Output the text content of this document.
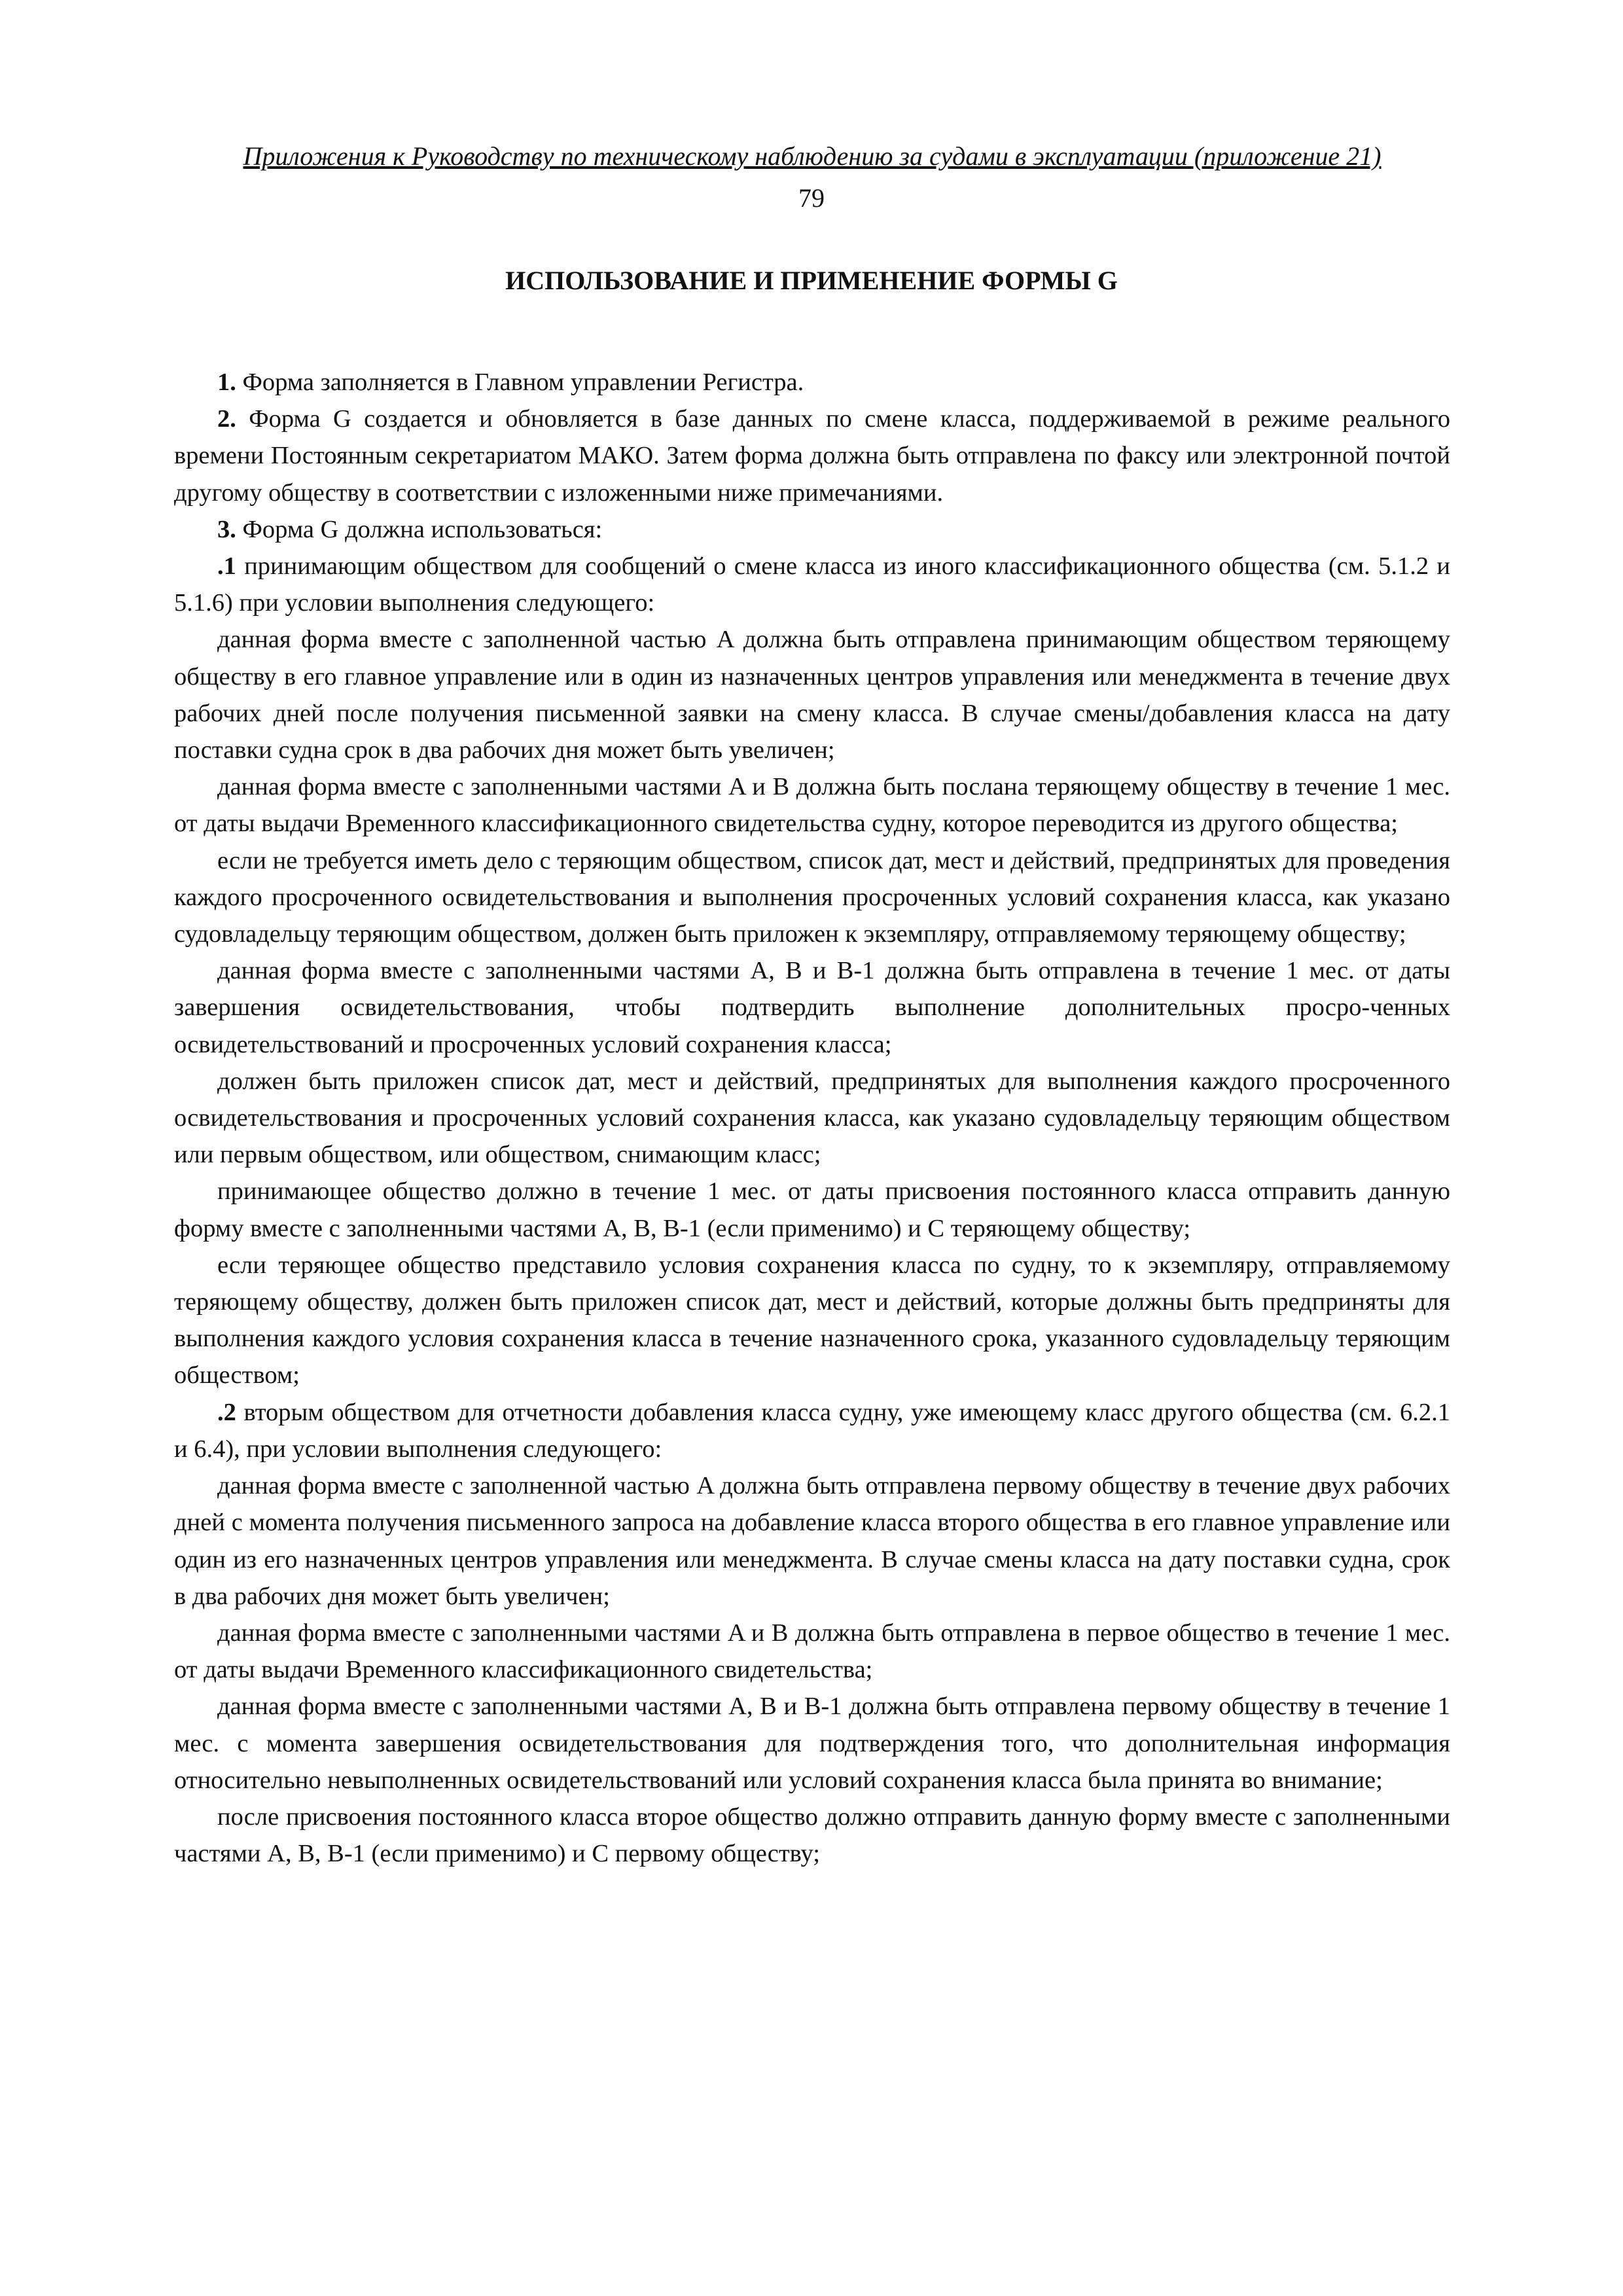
Приложения к Руководству по техническому наблюдению за судами в эксплуатации (приложение 21)
79
ИСПОЛЬЗОВАНИЕ И ПРИМЕНЕНИЕ ФОРМЫ G

1. Форма заполняется в Главном управлении Регистра.

2. Форма G создается и обновляется в базе данных по смене класса, поддерживаемой в режиме реального времени Постоянным секретариатом МАКО. Затем форма должна быть отправлена по факсу или электронной почтой другому обществу в соответствии с изложенными ниже примечаниями.

3. Форма G должна использоваться:

.1 принимающим обществом для сообщений о смене класса из иного классификационного общества (см. 5.1.2 и 5.1.6) при условии выполнения следующего:

данная форма вместе с заполненной частью A должна быть отправлена принимающим обществом теряющему обществу в его главное управление или в один из назначенных центров управления или менеджмента в течение двух рабочих дней после получения письменной заявки на смену класса. В случае смены/добавления класса на дату поставки судна срок в два рабочих дня может быть увеличен;

данная форма вместе с заполненными частями A и B должна быть послана теряющему обществу в течение 1 мес. от даты выдачи Временного классификационного свидетельства судну, которое переводится из другого общества;

если не требуется иметь дело с теряющим обществом, список дат, мест и действий, предпринятых для проведения каждого просроченного освидетельствования и выполнения просроченных условий сохранения класса, как указано судовладельцу теряющим обществом, должен быть приложен к экземпляру, отправляемому теряющему обществу;

данная форма вместе с заполненными частями A, B и B-1 должна быть отправлена в течение 1 мес. от даты завершения освидетельствования, чтобы подтвердить выполнение дополнительных просро-ченных освидетельствований и просроченных условий сохранения класса;

должен быть приложен список дат, мест и действий, предпринятых для выполнения каждого просроченного освидетельствования и просроченных условий сохранения класса, как указано судовладельцу теряющим обществом или первым обществом, или обществом, снимающим класс;

принимающее общество должно в течение 1 мес. от даты присвоения постоянного класса отправить данную форму вместе с заполненными частями A, B, B-1 (если применимо) и C теряющему обществу;

если теряющее общество представило условия сохранения класса по судну, то к экземпляру, отправляемому теряющему обществу, должен быть приложен список дат, мест и действий, которые должны быть предприняты для выполнения каждого условия сохранения класса в течение назначенного срока, указанного судовладельцу теряющим обществом;

.2 вторым обществом для отчетности добавления класса судну, уже имеющему класс другого общества (см. 6.2.1 и 6.4), при условии выполнения следующего:

данная форма вместе с заполненной частью A должна быть отправлена первому обществу в течение двух рабочих дней с момента получения письменного запроса на добавление класса второго общества в его главное управление или один из его назначенных центров управления или менеджмента. В случае смены класса на дату поставки судна, срок в два рабочих дня может быть увеличен;

данная форма вместе с заполненными частями A и B должна быть отправлена в первое общество в течение 1 мес. от даты выдачи Временного классификационного свидетельства;

данная форма вместе с заполненными частями A, B и B-1 должна быть отправлена первому обществу в течение 1 мес. с момента завершения освидетельствования для подтверждения того, что дополнительная информация относительно невыполненных освидетельствований или условий сохранения класса была принята во внимание;

после присвоения постоянного класса второе общество должно отправить данную форму вместе с заполненными частями A, B, B-1 (если применимо) и C первому обществу;
